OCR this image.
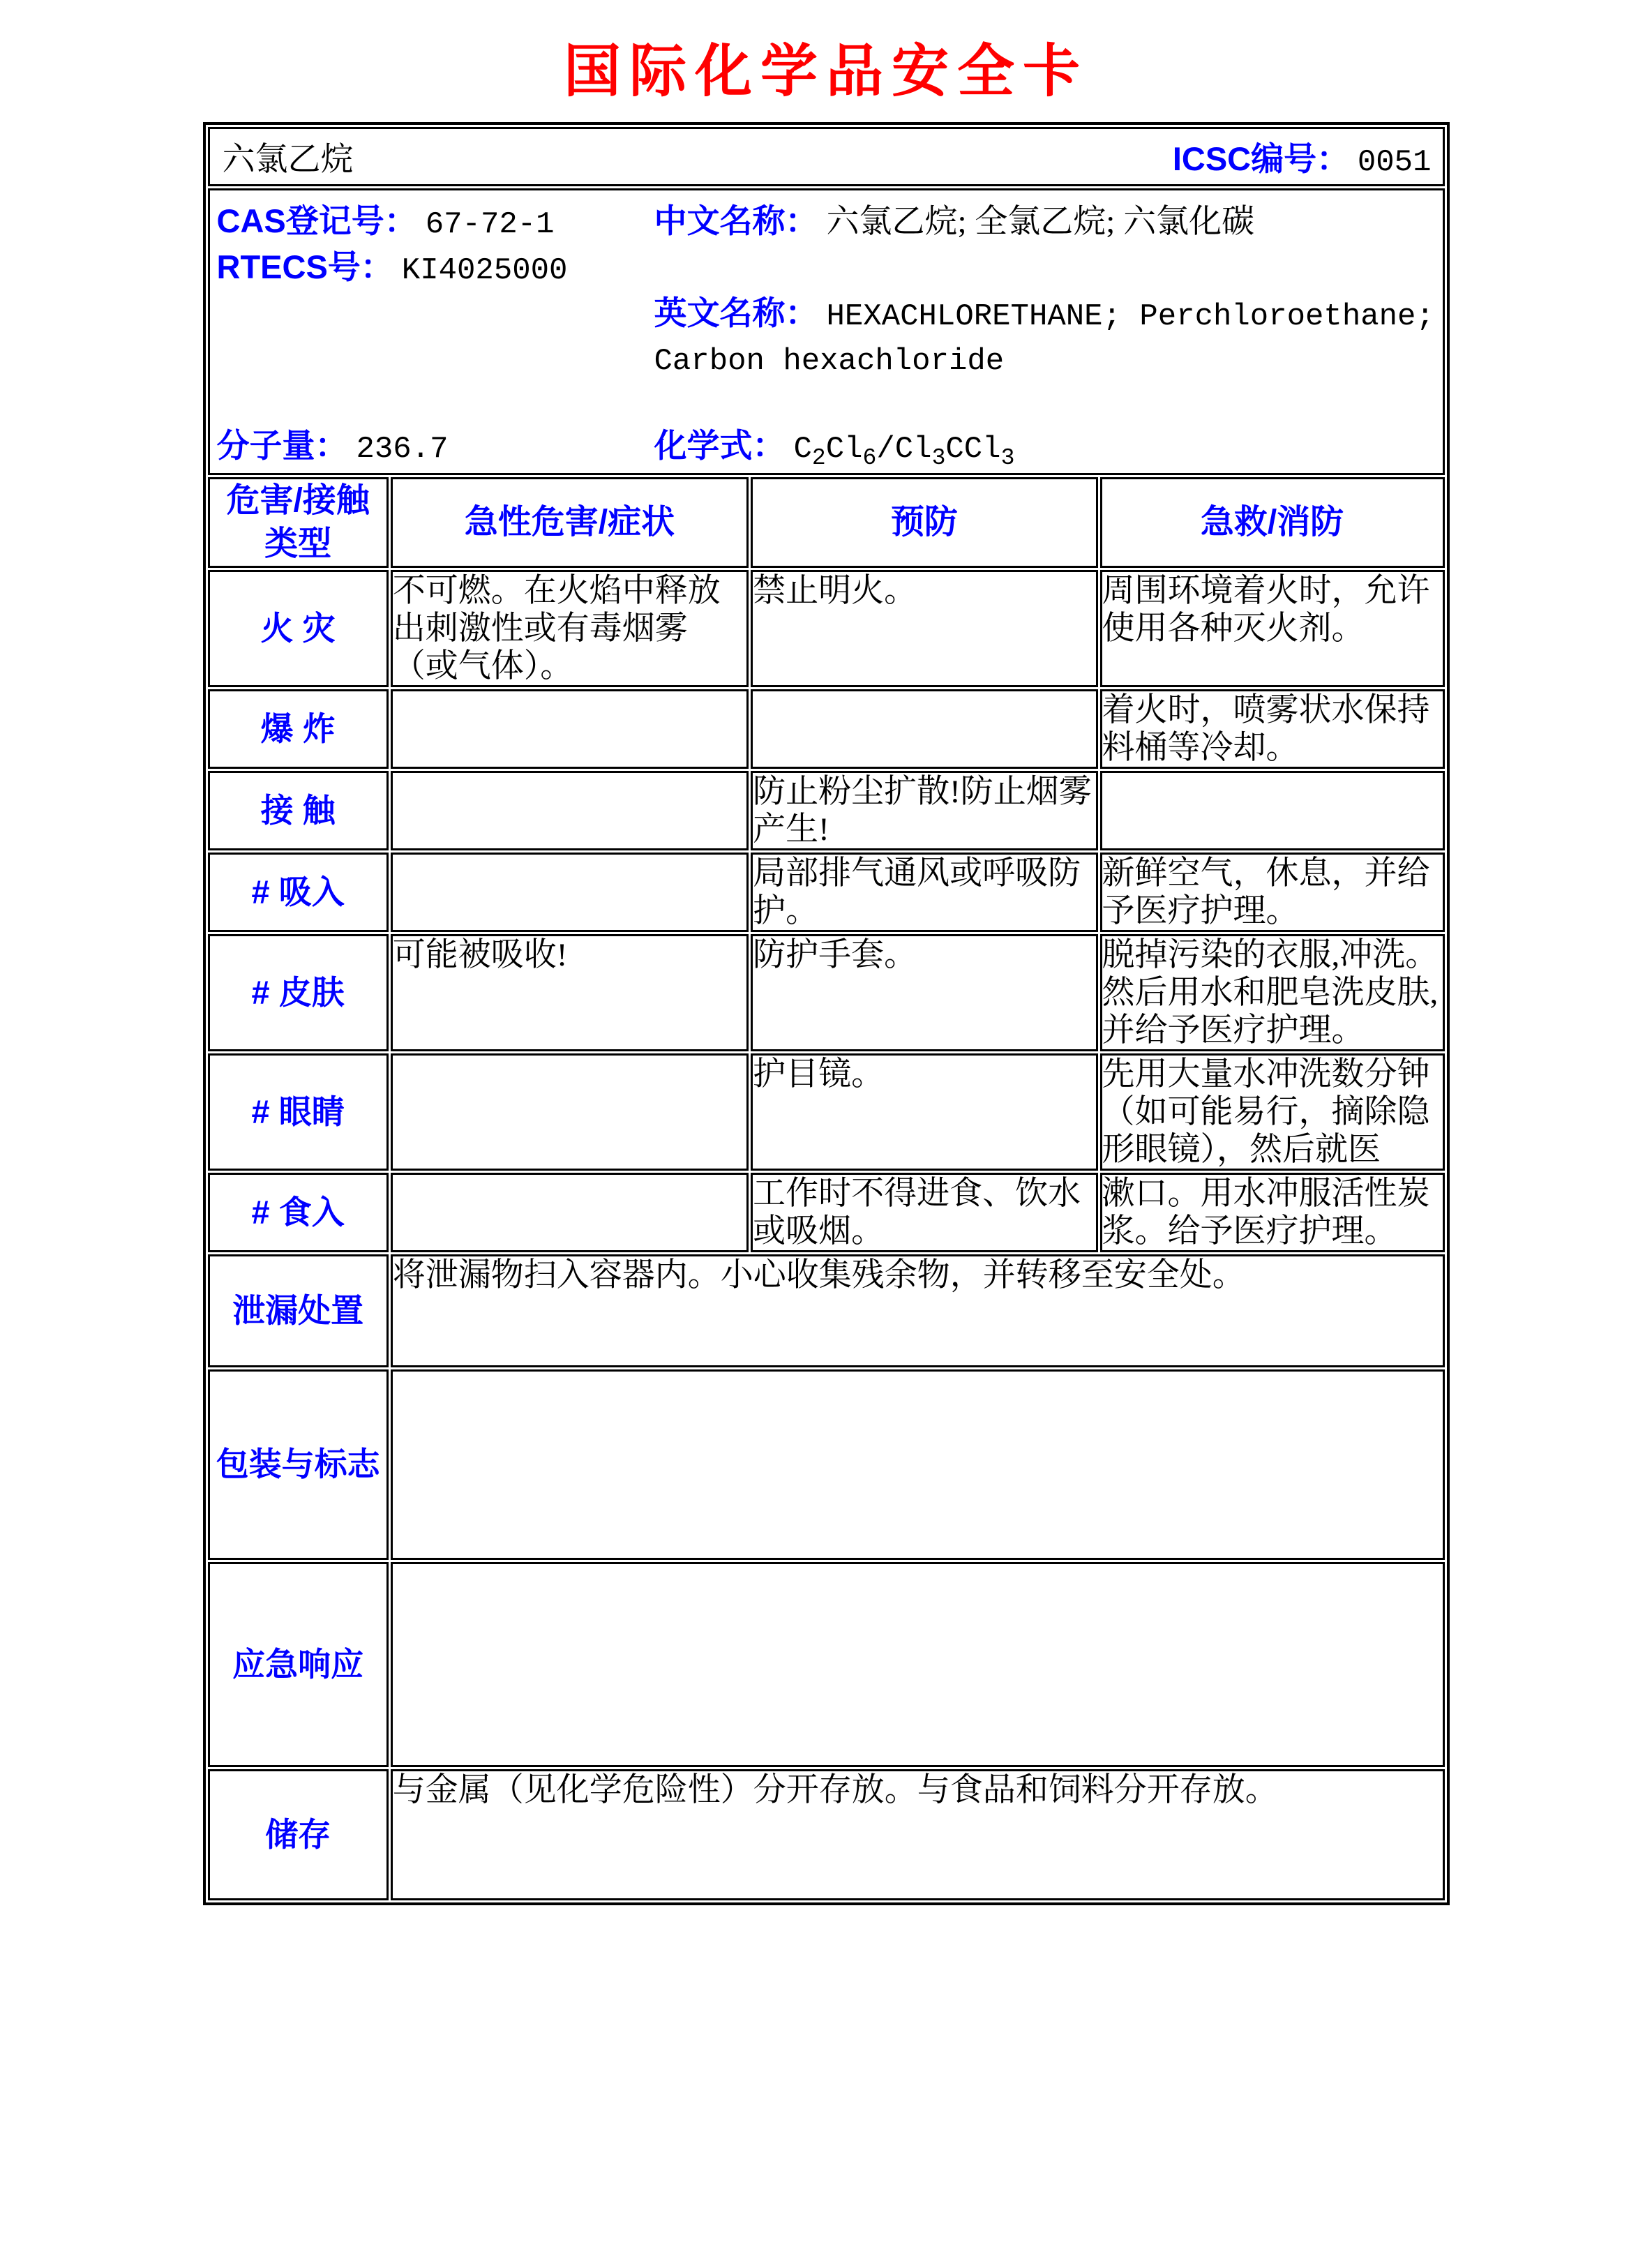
国际化学品安全卡
六氯乙烷 ICSC编号： 0051			

CAS登记号： 67-72-1
RTECS号： KI4025000
分子量： 236.7
中文名称： 六氯乙烷; 全氯乙烷; 六氯化碳
英文名称： HEXACHLORETHANE; Perchloroethane; Carbon hexachloride
化学式： $C_2Cl_6/Cl_3CCl_3$

危害/接触 类型	急性危害/症状	预防	急救/消防
火 灾	不可燃。在火焰中释放出刺激性或有毒烟雾（或气体）。	禁止明火。	周围环境着火时，允许使用各种灭火剂。
爆 炸			着火时，喷雾状水保持料桶等冷却。
接 触		防止粉尘扩散!防止烟雾产生!	
# 吸入		局部排气通风或呼吸防护。	新鲜空气，休息，并给予医疗护理。
# 皮肤	可能被吸收!	防护手套。	脱掉污染的衣服,冲洗。然后用水和肥皂洗皮肤,并给予医疗护理。
# 眼睛		护目镜。	先用大量水冲洗数分钟（如可能易行，摘除隐形眼镜），然后就医
# 食入		工作时不得进食、饮水或吸烟。	漱口。用水冲服活性炭浆。给予医疗护理。
泄漏处置	将泄漏物扫入容器内。小心收集残余物，并转移至安全处。		
包装与标志			
应急响应			
储存	与金属（见化学危险性）分开存放。与食品和饲料分开存放。		
